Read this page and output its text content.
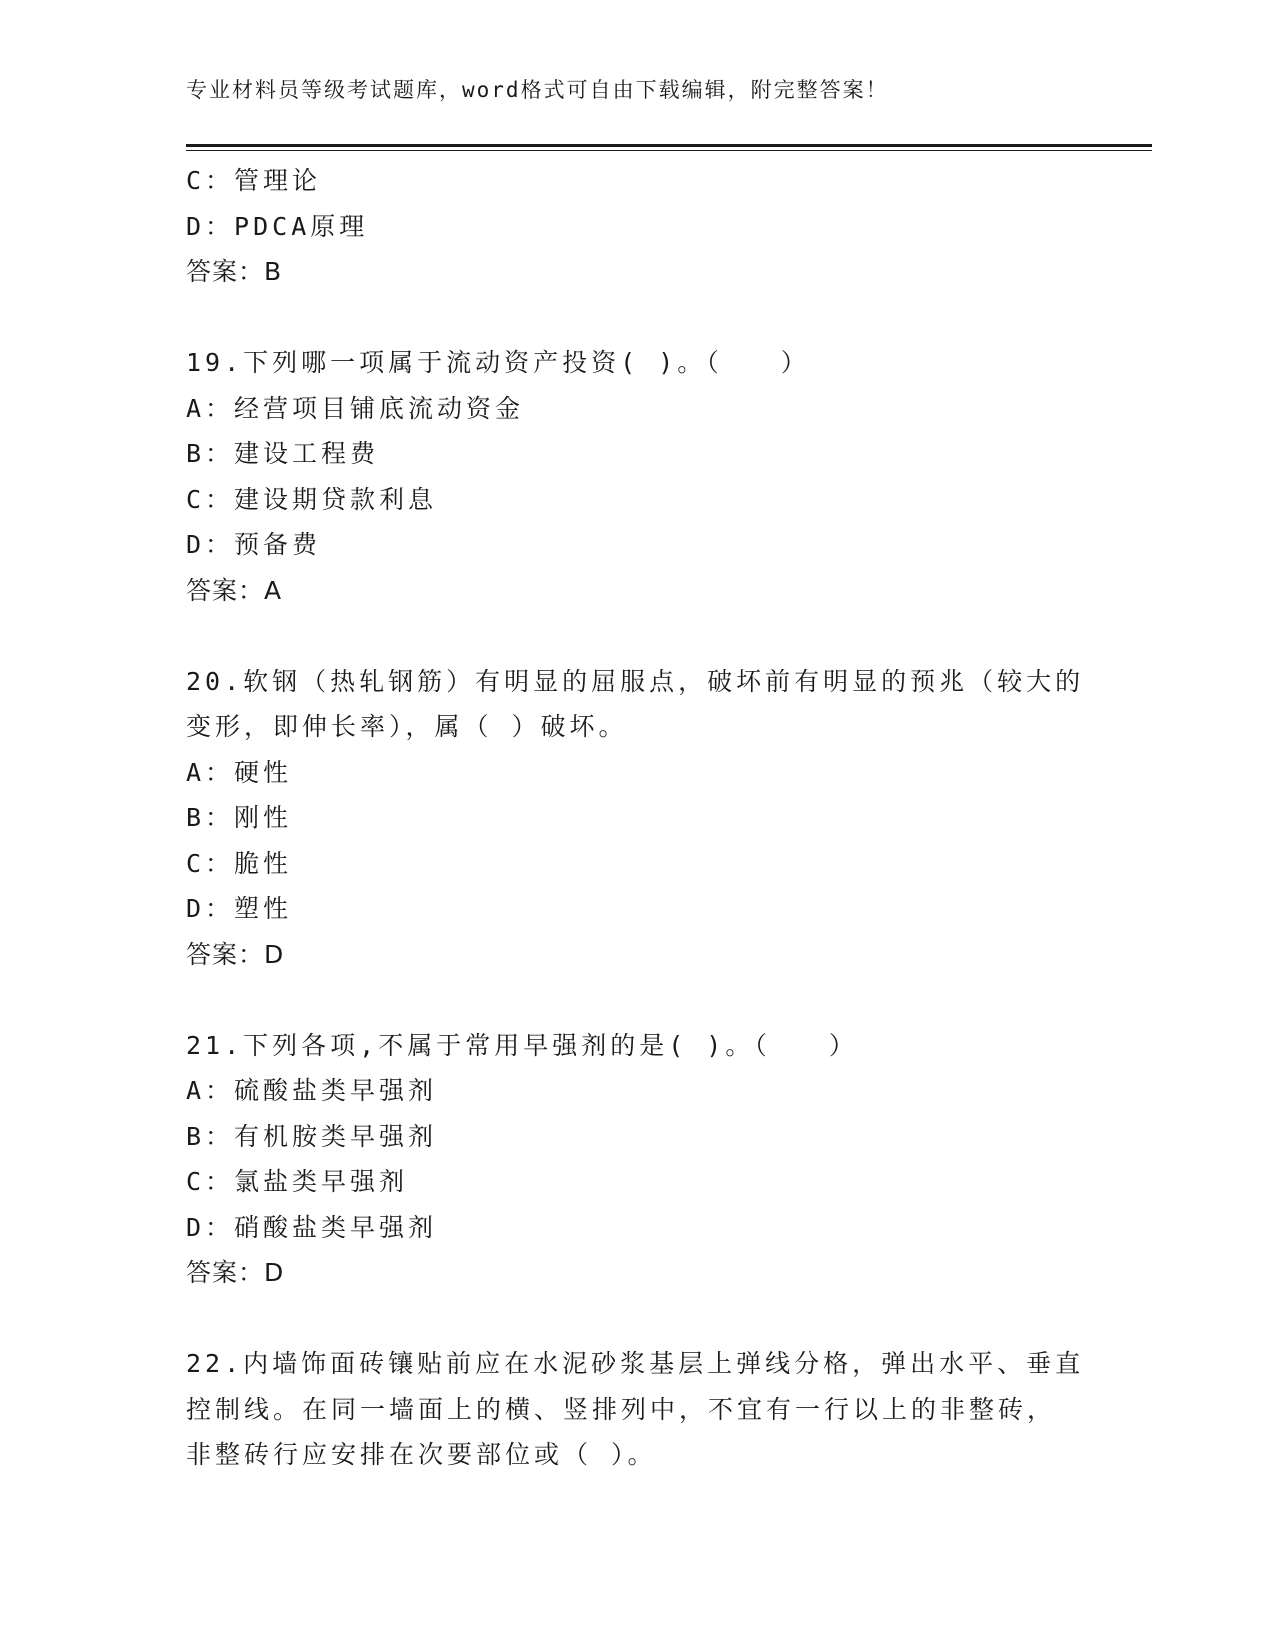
专业材料员等级考试题库，word格式可自由下载编辑，附完整答案！
C：管理论
D：PDCA原理
答案：B
19.下列哪一项属于流动资产投资( )。（　　）
A：经营项目铺底流动资金
B：建设工程费
C：建设期贷款利息
D：预备费
答案：A
20.软钢（热轧钢筋）有明显的屈服点，破坏前有明显的预兆（较大的
变形，即伸长率），属（ ）破坏。
A：硬性
B：刚性
C：脆性
D：塑性
答案：D
21.下列各项,不属于常用早强剂的是( )。（　　）
A：硫酸盐类早强剂
B：有机胺类早强剂
C：氯盐类早强剂
D：硝酸盐类早强剂
答案：D
22.内墙饰面砖镶贴前应在水泥砂浆基层上弹线分格，弹出水平、垂直
控制线。在同一墙面上的横、竖排列中，不宜有一行以上的非整砖，
非整砖行应安排在次要部位或（ ）。
